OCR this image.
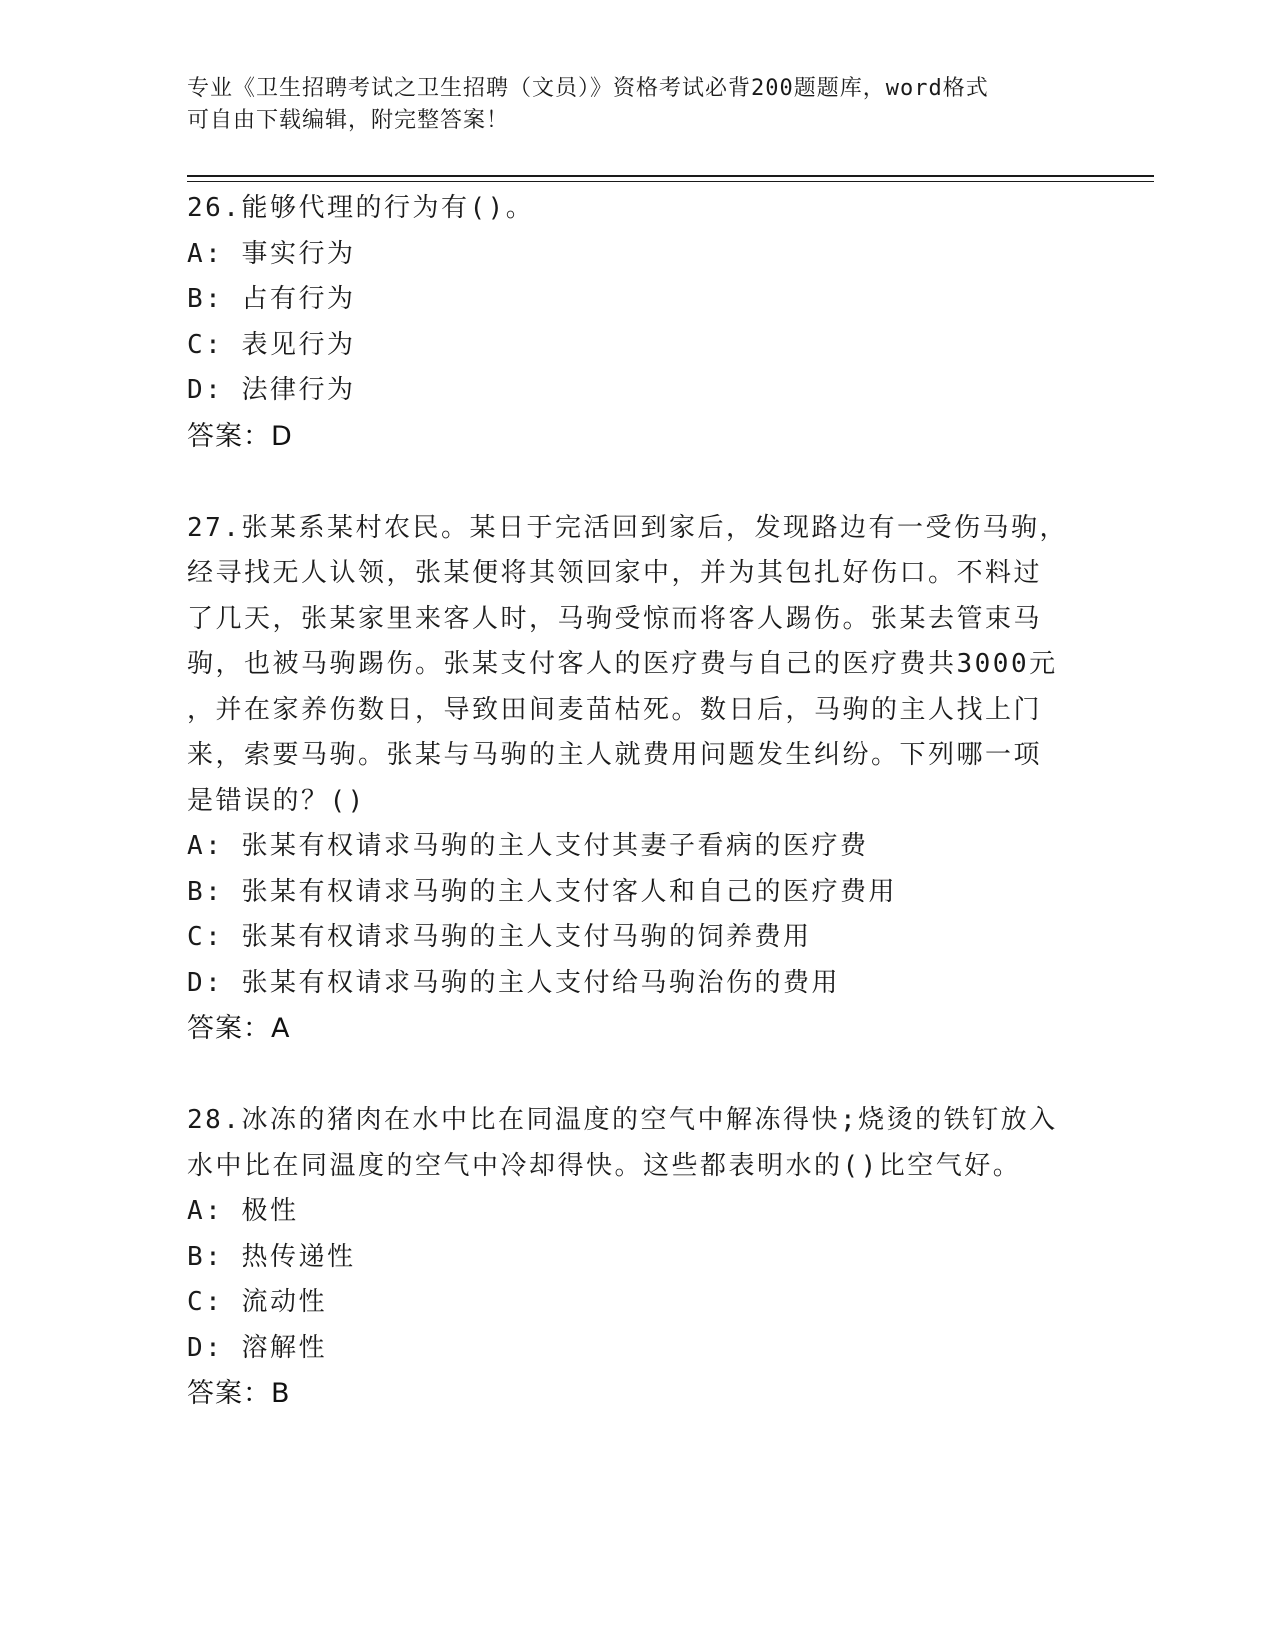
专业《卫生招聘考试之卫生招聘（文员）》资格考试必背200题题库，word格式
可自由下载编辑，附完整答案！
26.能够代理的行为有()。
A: 事实行为
B: 占有行为
C: 表见行为
D: 法律行为
答案：D
27.张某系某村农民。某日于完活回到家后，发现路边有一受伤马驹，
经寻找无人认领，张某便将其领回家中，并为其包扎好伤口。不料过
了几天，张某家里来客人时，马驹受惊而将客人踢伤。张某去管束马
驹，也被马驹踢伤。张某支付客人的医疗费与自己的医疗费共3000元
，并在家养伤数日，导致田间麦苗枯死。数日后，马驹的主人找上门
来，索要马驹。张某与马驹的主人就费用问题发生纠纷。下列哪一项
是错误的？()
A: 张某有权请求马驹的主人支付其妻子看病的医疗费
B: 张某有权请求马驹的主人支付客人和自己的医疗费用
C: 张某有权请求马驹的主人支付马驹的饲养费用
D: 张某有权请求马驹的主人支付给马驹治伤的费用
答案：A
28.冰冻的猪肉在水中比在同温度的空气中解冻得快;烧烫的铁钉放入
水中比在同温度的空气中冷却得快。这些都表明水的()比空气好。
A: 极性
B: 热传递性
C: 流动性
D: 溶解性
答案：B
